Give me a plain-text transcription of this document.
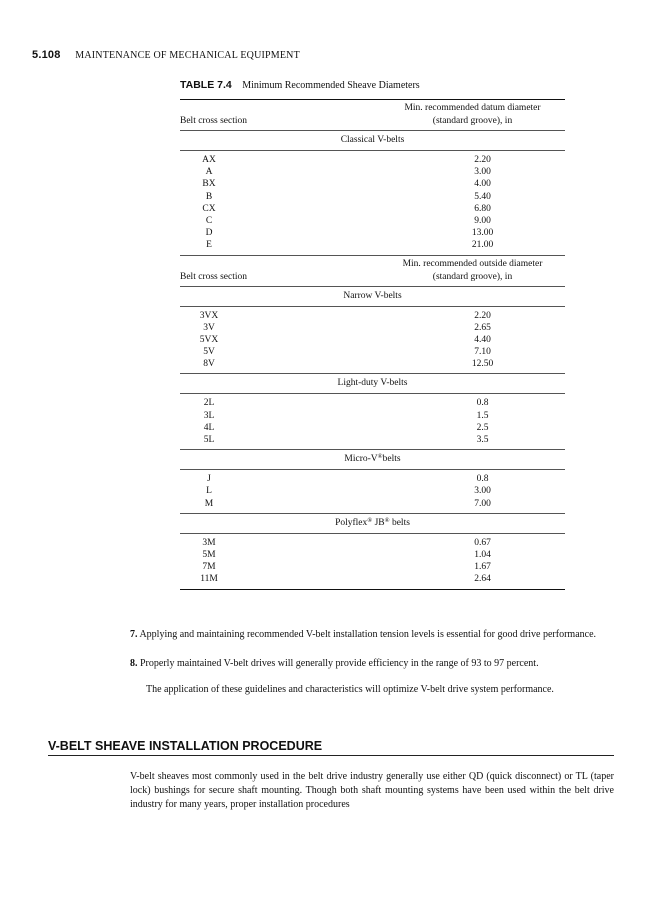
5.108 MAINTENANCE OF MECHANICAL EQUIPMENT
TABLE 7.4 Minimum Recommended Sheave Diameters
Belt cross section
Min. recommended datum diameter
(standard groove), in
Classical V-belts
AX	2.20
A	3.00
BX	4.00
B	5.40
CX	6.80
C	9.00
D	13.00
E	21.00
Belt cross section
Min. recommended outside diameter
(standard groove), in
Narrow V-belts
3VX	2.20
3V	2.65
5VX	4.40
5V	7.10
8V	12.50
Light-duty V-belts
2L	0.8
3L	1.5
4L	2.5
5L	3.5
Micro-V®belts
J	0.8
L	3.00
M	7.00
Polyflex® JB® belts
3M	0.67
5M	1.04
7M	1.67
11M	2.64
7. Applying and maintaining recommended V-belt installation tension levels is essential for good drive performance.
8. Properly maintained V-belt drives will generally provide efficiency in the range of 93 to 97 percent.
The application of these guidelines and characteristics will optimize V-belt drive system performance.
V-BELT SHEAVE INSTALLATION PROCEDURE
V-belt sheaves most commonly used in the belt drive industry generally use either QD (quick disconnect) or TL (taper lock) bushings for secure shaft mounting. Though both shaft mounting systems have been used within the belt drive industry for many years, proper installation procedures
